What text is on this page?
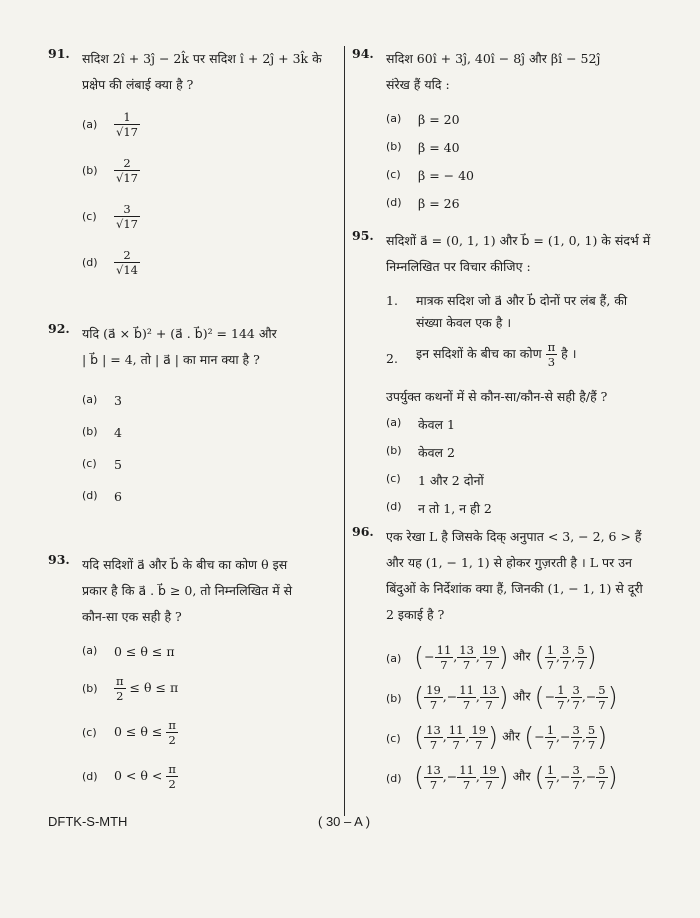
91. सदिश 2î + 3ĵ − 2k̂ पर सदिश î + 2ĵ + 3k̂ के
प्रक्षेप की लंबाई क्या है ?
$(a) \frac{1}{√17}$
$(b) \frac{2}{√17}$
$(c) \frac{3}{√17}$
$(d) \frac{2}{√14}$
92. यदि (a⃗ × b⃗)² + (a⃗ . b⃗)² = 144 और
| b⃗ | = 4, तो | a⃗ | का मान क्या है ?
(a) 3
(b) 4
(c) 5
(d) 6
93. यदि सदिशों a⃗ और b⃗ के बीच का कोण θ इस
प्रकार है कि a⃗ . b⃗ ≥ 0, तो निम्नलिखित में से
कौन-सा एक सही है ?
(a) 0 ≤ θ ≤ π
$(b) \frac{\pi}{2} \le \theta \le \pi$
(c) $0 \le \theta \le \frac{\pi}{2}$
(d) $0 < \theta < \frac{\pi}{2}$
94. सदिश 60î + 3ĵ, 40î − 8ĵ और βî − 52ĵ
संरेख हैं यदि :
(a) β = 20
(b) β = 40
(c) β = − 40
(d) β = 26
95. सदिशों a⃗ = (0, 1, 1) और b⃗ = (1, 0, 1) के संदर्भ में
निम्नलिखित पर विचार कीजिए :
1. मात्रक सदिश जो a⃗ और b⃗ दोनों पर लंब हैं, की संख्या केवल एक है ।
2. इन सदिशों के बीच का कोण $\frac{\pi}{3}$ है ।
उपर्युक्त कथनों में से कौन-सा/कौन-से सही है/हैं ?
(a) केवल 1
(b) केवल 2
(c) 1 और 2 दोनों
(d) न तो 1, न ही 2
96. एक रेखा L है जिसके दिक् अनुपात < 3, − 2, 6 > हैं
और यह (1, − 1, 1) से होकर गुज़रती है । L पर उन
बिंदुओं के निर्देशांक क्या हैं, जिनकी (1, − 1, 1) से दूरी
2 इकाई है ?
(a) (− $\frac{11}{7}$ , $\frac{13}{7}$ , $\frac{19}{7}$ ) और ( $\frac{1}{7}$ , $\frac{3}{7}$ , $\frac{5}{7}$ )
(b) ( $\frac{19}{7}$ ,− $\frac{11}{7}$ , $\frac{13}{7}$ ) और (− $\frac{1}{7}$ , $\frac{3}{7}$ ,− $\frac{5}{7}$ )
(c) ( $\frac{13}{7}$ , $\frac{11}{7}$ , $\frac{19}{7}$ ) और (− $\frac{1}{7}$ ,− $\frac{3}{7}$ , $\frac{5}{7}$ )
(d) ( $\frac{13}{7}$ ,− $\frac{11}{7}$ , $\frac{19}{7}$ ) और ( $\frac{1}{7}$ ,− $\frac{3}{7}$ ,− $\frac{5}{7}$ )
DFTK-S-MTH	( 30 – A )
